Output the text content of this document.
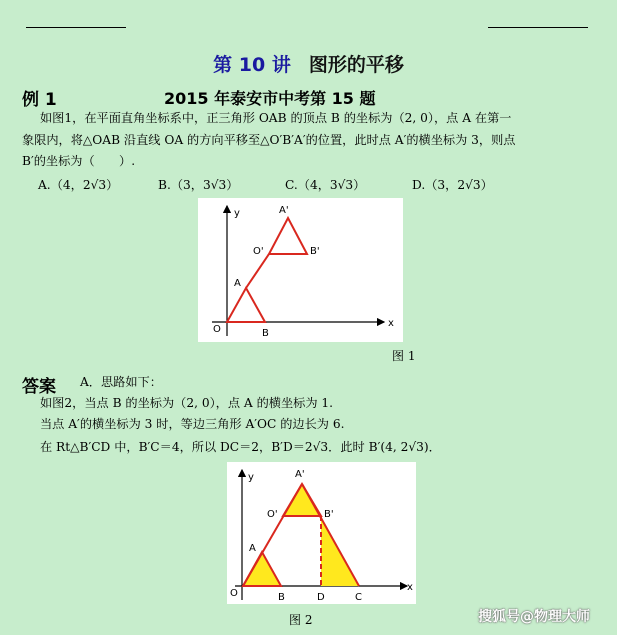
第 10 讲 图形的平移
例 1	2015 年泰安市中考第 15 题
如图1，在平面直角坐标系中，正三角形 OAB 的顶点 B 的坐标为（2, 0），点 A 在第一
象限内，将△OAB 沿直线 OA 的方向平移至△O′B′A′的位置，此时点 A′的横坐标为 3，则点
B′的坐标为（　　）.
A.（4，2√3）	B.（3，3√3）	C.（4，3√3）	D.（3，2√3）
y
x
O	B
A
O'
A'
B'
图 1
答案 A．思路如下：
如图2，当点 B 的坐标为（2, 0），点 A 的横坐标为 1.
当点 A′的横坐标为 3 时，等边三角形 A′OC 的边长为 6.
在 Rt△B′CD 中，B′C＝4，所以 DC＝2，B′D＝2√3．此时 B′(4, 2√3)．
y
x
O	B	D	C
A
O'
A'
B'
图 2	搜狐号@物理大师
